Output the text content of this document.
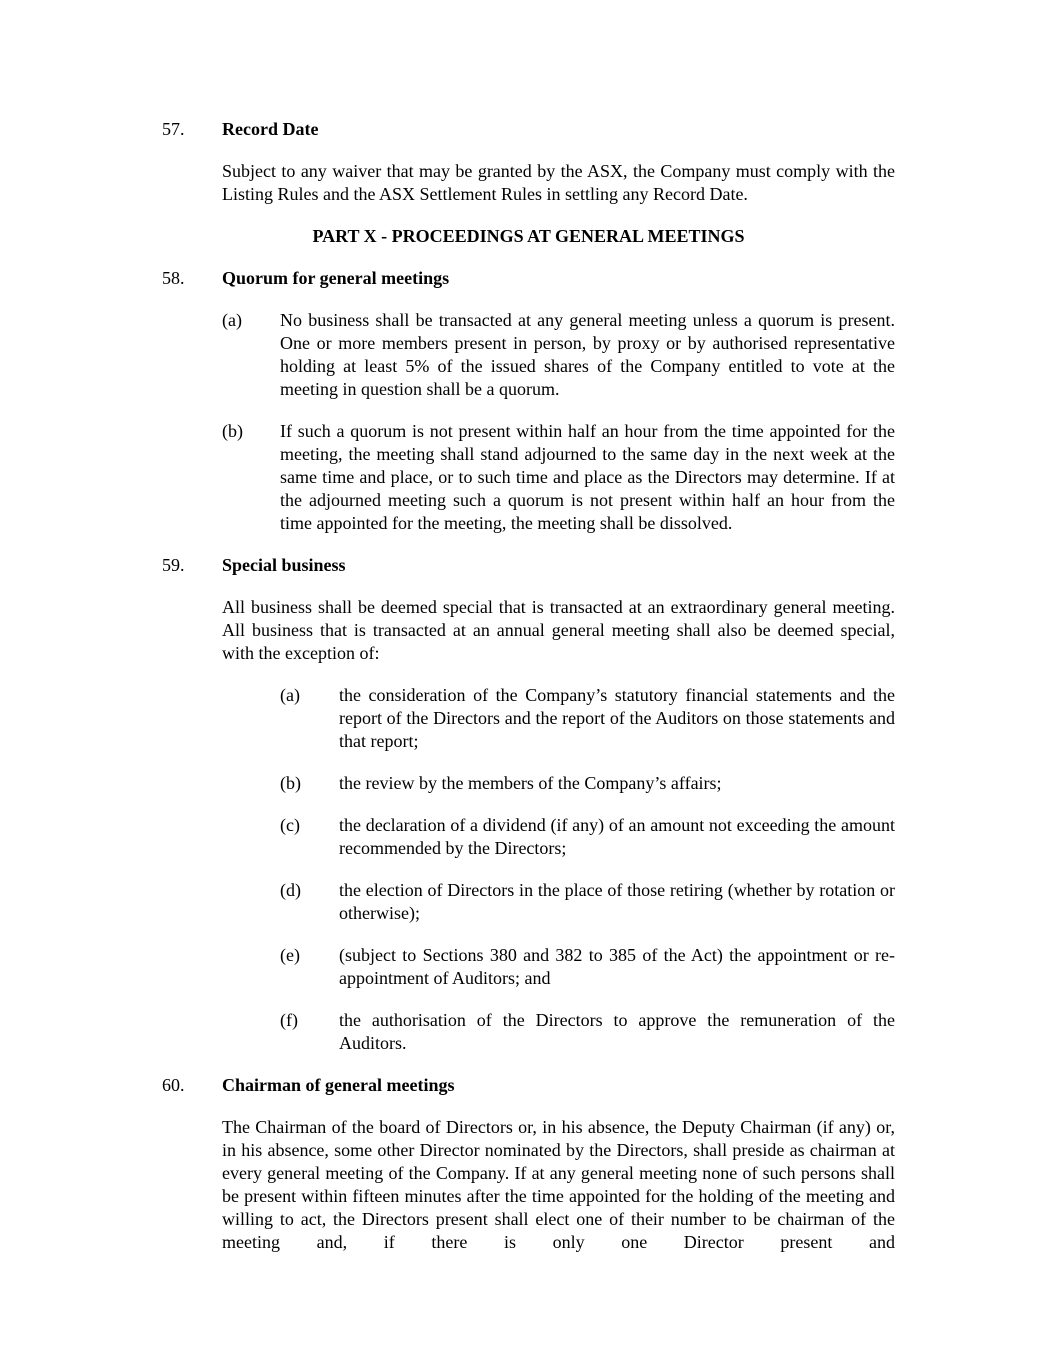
57.	Record Date
Subject to any waiver that may be granted by the ASX, the Company must comply with the Listing Rules and the ASX Settlement Rules in settling any Record Date.
PART X - PROCEEDINGS AT GENERAL MEETINGS
58.	Quorum for general meetings
(a)	No business shall be transacted at any general meeting unless a quorum is present. One or more members present in person, by proxy or by authorised representative holding at least 5% of the issued shares of the Company entitled to vote at the meeting in question shall be a quorum.
(b)	If such a quorum is not present within half an hour from the time appointed for the meeting, the meeting shall stand adjourned to the same day in the next week at the same time and place, or to such time and place as the Directors may determine. If at the adjourned meeting such a quorum is not present within half an hour from the time appointed for the meeting, the meeting shall be dissolved.
59.	Special business
All business shall be deemed special that is transacted at an extraordinary general meeting. All business that is transacted at an annual general meeting shall also be deemed special, with the exception of:
(a)	the consideration of the Company’s statutory financial statements and the report of the Directors and the report of the Auditors on those statements and that report;
(b)	the review by the members of the Company’s affairs;
(c)	the declaration of a dividend (if any) of an amount not exceeding the amount recommended by the Directors;
(d)	the election of Directors in the place of those retiring (whether by rotation or otherwise);
(e)	(subject to Sections 380 and 382 to 385 of the Act) the appointment or re-appointment of Auditors; and
(f)	the authorisation of the Directors to approve the remuneration of the Auditors.
60.	Chairman of general meetings
The Chairman of the board of Directors or, in his absence, the Deputy Chairman (if any) or, in his absence, some other Director nominated by the Directors, shall preside as chairman at every general meeting of the Company. If at any general meeting none of such persons shall be present within fifteen minutes after the time appointed for the holding of the meeting and willing to act, the Directors present shall elect one of their number to be chairman of the meeting and, if there is only one Director present and
